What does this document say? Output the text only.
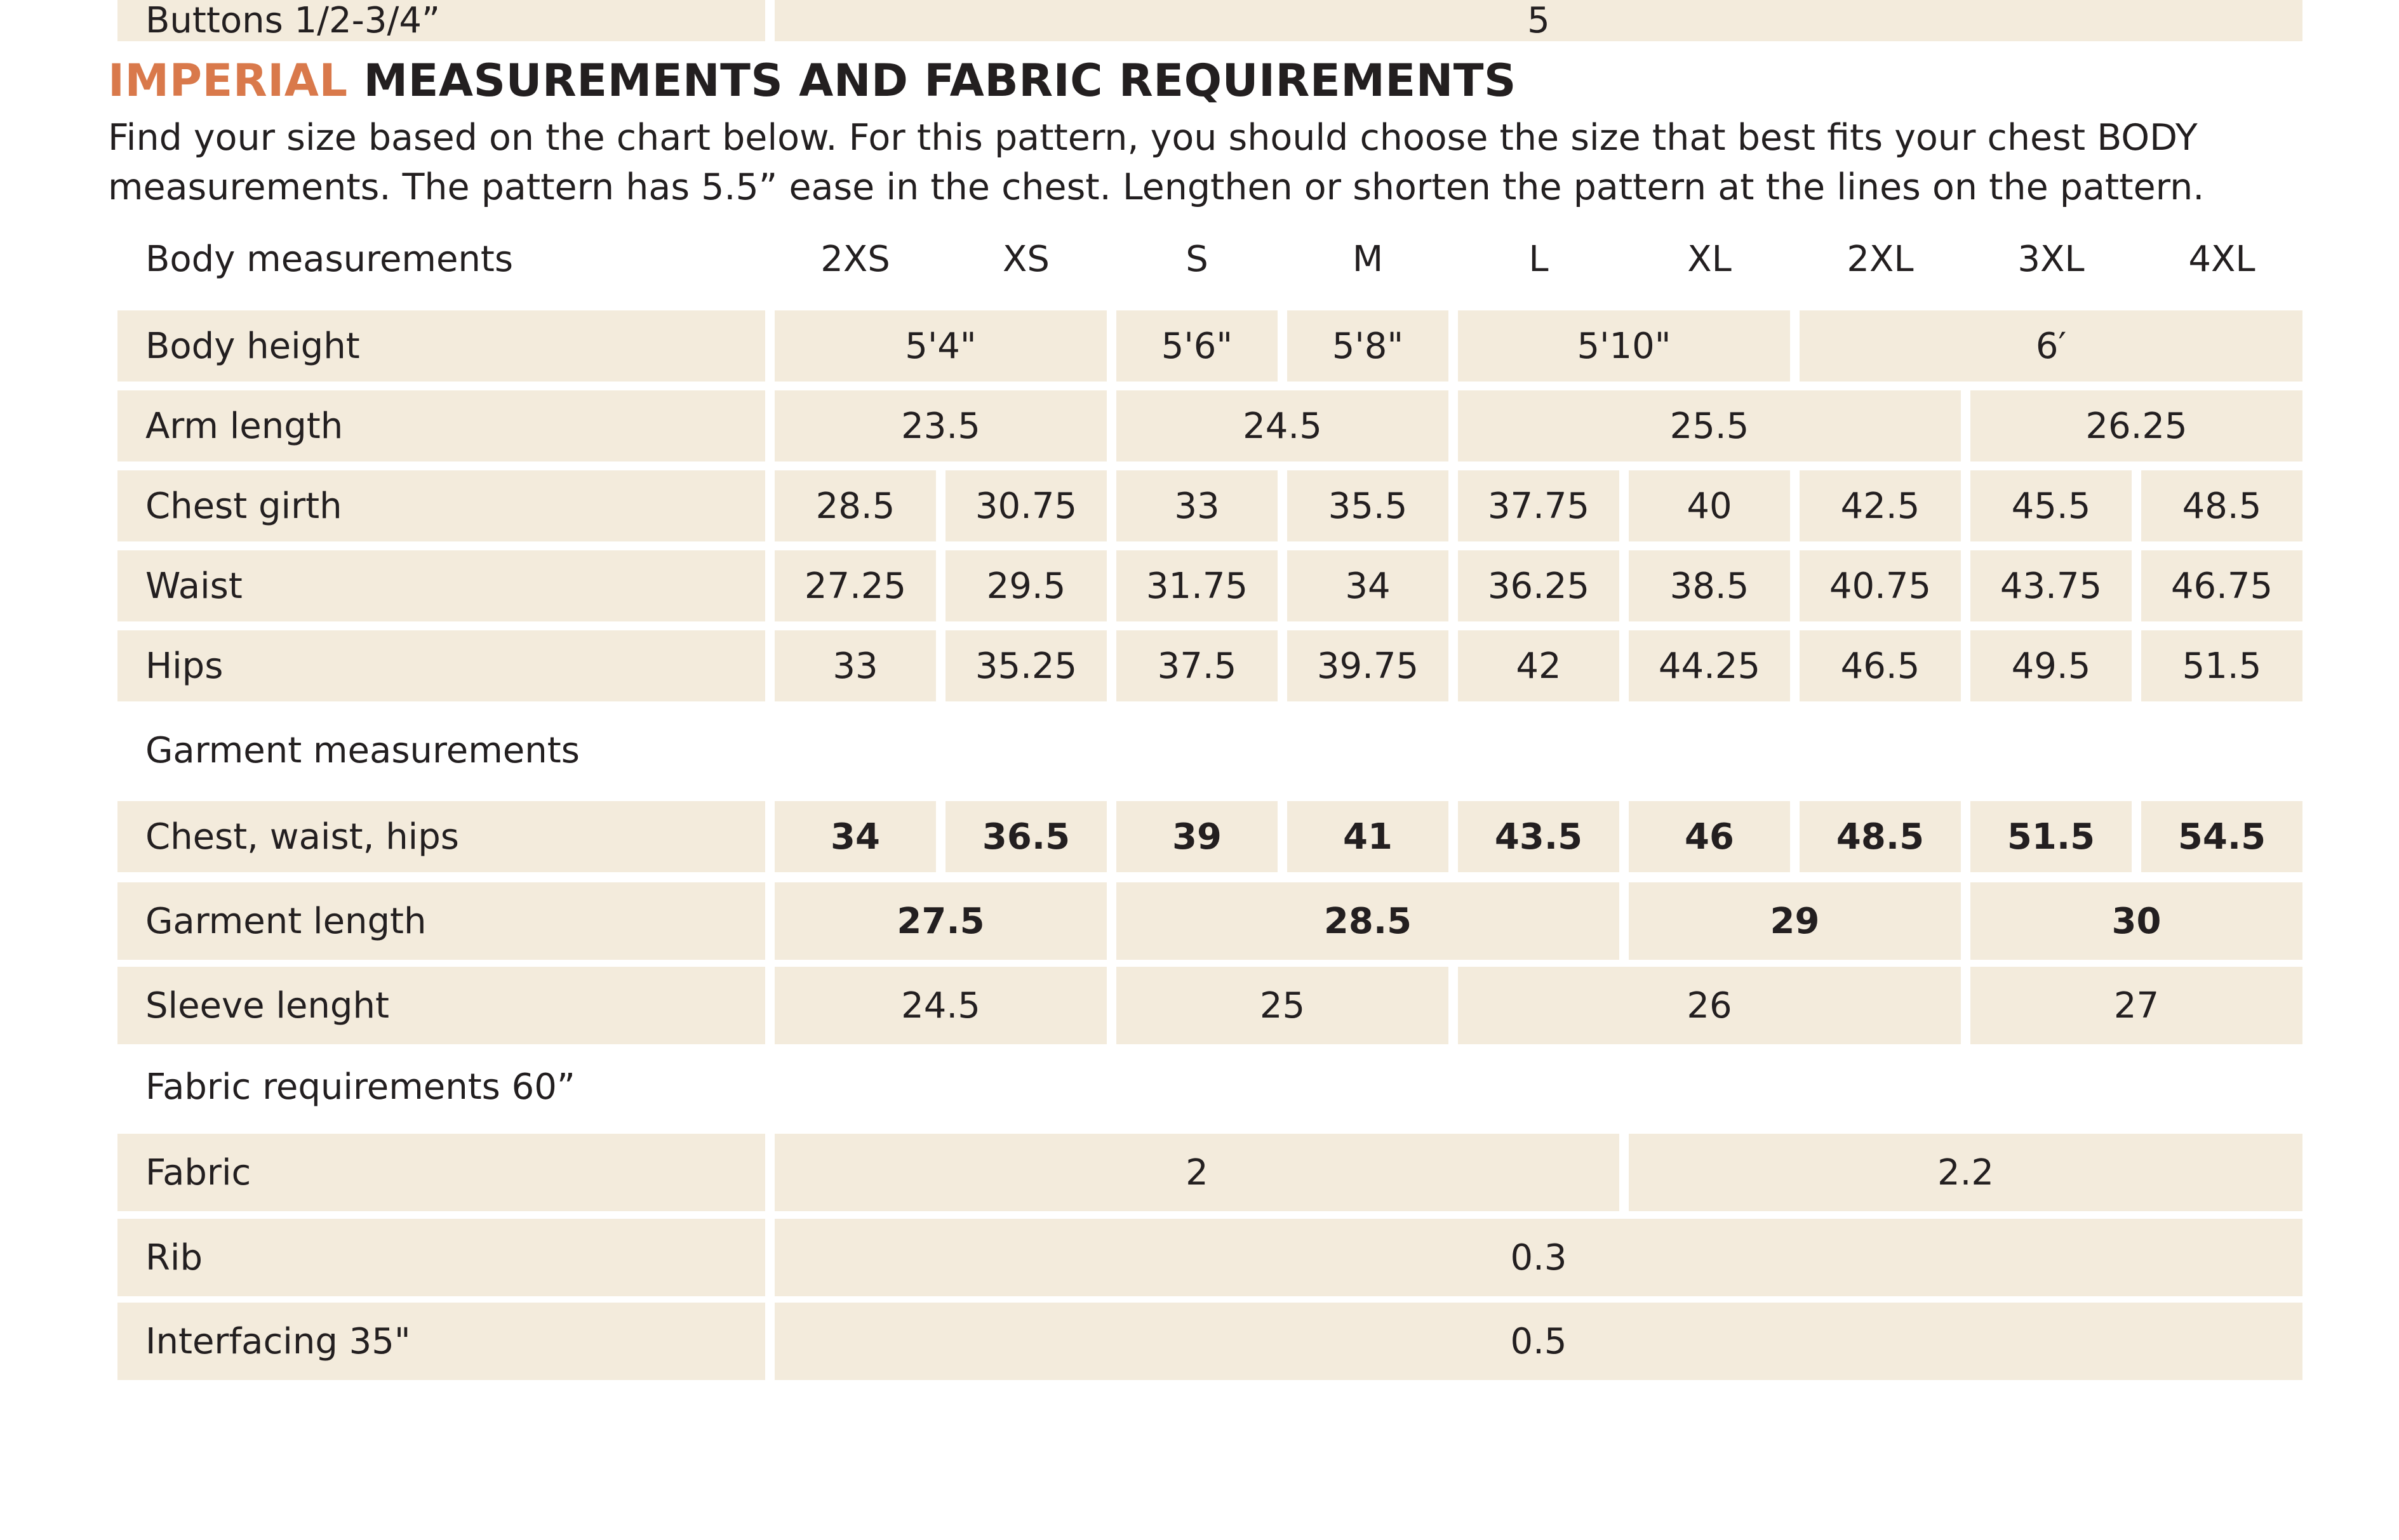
IMPERIAL MEASUREMENTS AND FABRIC REQUIREMENTS
Find your size based on the chart below. For this pattern, you should choose the size that best fits your chest BODY
measurements. The pattern has 5.5” ease in the chest. Lengthen or shorten the pattern at the lines on the pattern.
Body measurements	2XS	XS	S	M	L	XL	2XL	3XL	4XL
Body height	5'4"	5'6"	5'8"	5'10"	6′
Arm length	23.5	24.5	25.5	26.25
Chest girth	28.5	30.75	33	35.5	37.75	40	42.5	45.5	48.5
Waist	27.25	29.5	31.75	34	36.25	38.5	40.75	43.75	46.75
Hips	33	35.25	37.5	39.75	42	44.25	46.5	49.5	51.5
Garment measurements
Chest, waist, hips	34	36.5	39	41	43.5	46	48.5	51.5	54.5
Garment length	27.5	28.5	29	30
Sleeve lenght	24.5	25	26	27
Fabric requirements 60”
Fabric	2	2.2
Rib	0.3
Interfacing 35"	0.5
Buttons 1/2-3/4”	5
